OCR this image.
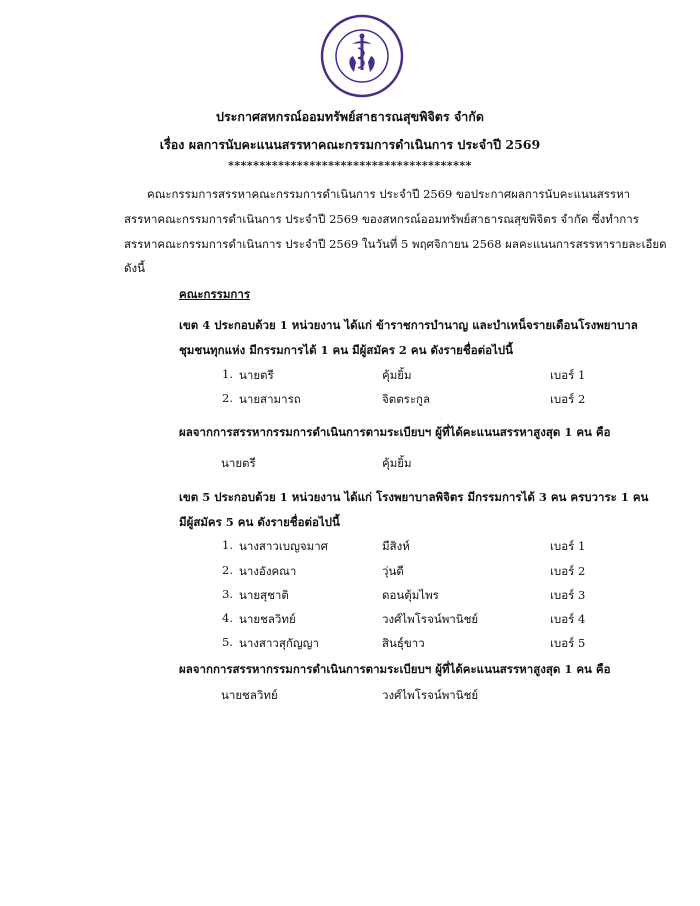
ประกาศสหกรณ์ออมทรัพย์สาธารณสุขพิจิตร จำกัด
เรื่อง ผลการนับคะแนนสรรหาคณะกรรมการดำเนินการ ประจำปี 2569
***************************************
คณะกรรมการสรรหาคณะกรรมการดำเนินการ ประจำปี 2569 ขอประกาศผลการนับคะแนนสรรหา
สรรหาคณะกรรมการดำเนินการ ประจำปี 2569 ของสหกรณ์ออมทรัพย์สาธารณสุขพิจิตร จำกัด ซึ่งทำการ
สรรหาคณะกรรมการดำเนินการ ประจำปี 2569 ในวันที่ 5 พฤศจิกายน 2568 ผลคะแนนการสรรหารายละเอียด
ดังนี้
คณะกรรมการ
เขต 4 ประกอบด้วย 1 หน่วยงาน ได้แก่ ข้าราชการบำนาญ และบำเหน็จรายเดือนโรงพยาบาล
ชุมชนทุกแห่ง มีกรรมการได้ 1 คน มีผู้สมัคร 2 คน ดังรายชื่อต่อไปนี้
1. นายตรี	คุ้มยิ้ม	เบอร์ 1
2. นายสามารถ	จิตตระกูล	เบอร์ 2
ผลจากการสรรหากรรมการดำเนินการตามระเบียบฯ ผู้ที่ได้คะแนนสรรหาสูงสุด 1 คน คือ
นายตรี	คุ้มยิ้ม
เขต 5 ประกอบด้วย 1 หน่วยงาน ได้แก่ โรงพยาบาลพิจิตร มีกรรมการได้ 3 คน ครบวาระ 1 คน
มีผู้สมัคร 5 คน ดังรายชื่อต่อไปนี้
1. นางสาวเบญจมาศ	มีสิงห์	เบอร์ 1
2. นางอังคณา	วุ่นดี	เบอร์ 2
3. นายสุชาติ	ดอนตุ้มไพร	เบอร์ 3
4. นายชลวิทย์	วงศ์ไพโรจน์พานิชย์	เบอร์ 4
5. นางสาวสุกัญญา	สินธุ์ขาว	เบอร์ 5
ผลจากการสรรหากรรมการดำเนินการตามระเบียบฯ ผู้ที่ได้คะแนนสรรหาสูงสุด 1 คน คือ
นายชลวิทย์	วงศ์ไพโรจน์พานิชย์
